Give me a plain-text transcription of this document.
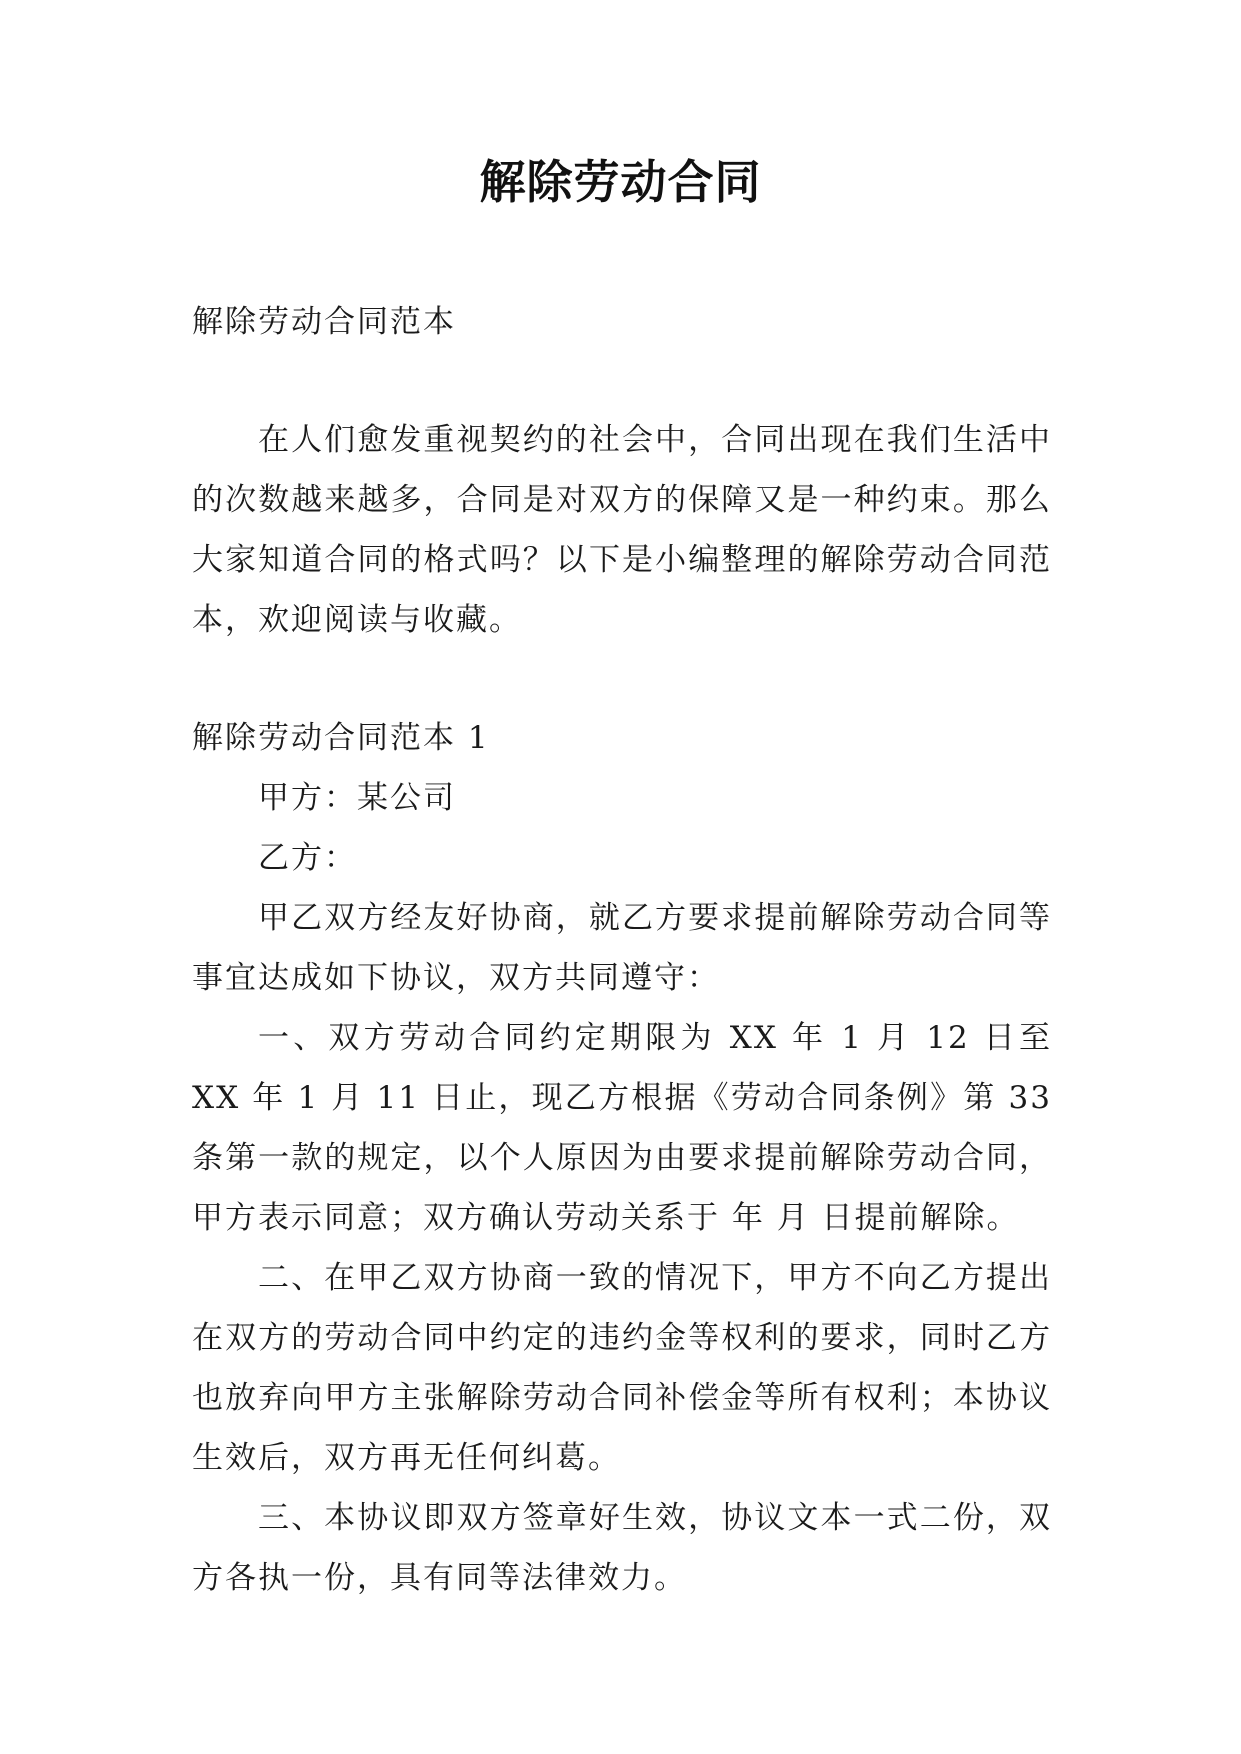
解除劳动合同

解除劳动合同范本

在人们愈发重视契约的社会中，合同出现在我们生活中的次数越来越多，合同是对双方的保障又是一种约束。那么大家知道合同的格式吗？以下是小编整理的解除劳动合同范本，欢迎阅读与收藏。

解除劳动合同范本 1

甲方：某公司

乙方：

甲乙双方经友好协商，就乙方要求提前解除劳动合同等事宜达成如下协议，双方共同遵守：

一、双方劳动合同约定期限为 XX 年 1 月 12 日至 XX 年 1 月 11 日止，现乙方根据《劳动合同条例》第 33 条第一款的规定，以个人原因为由要求提前解除劳动合同，甲方表示同意；双方确认劳动关系于 年 月 日提前解除。

二、在甲乙双方协商一致的情况下，甲方不向乙方提出在双方的劳动合同中约定的违约金等权利的要求，同时乙方也放弃向甲方主张解除劳动合同补偿金等所有权利；本协议生效后，双方再无任何纠葛。

三、本协议即双方签章好生效，协议文本一式二份，双方各执一份，具有同等法律效力。
